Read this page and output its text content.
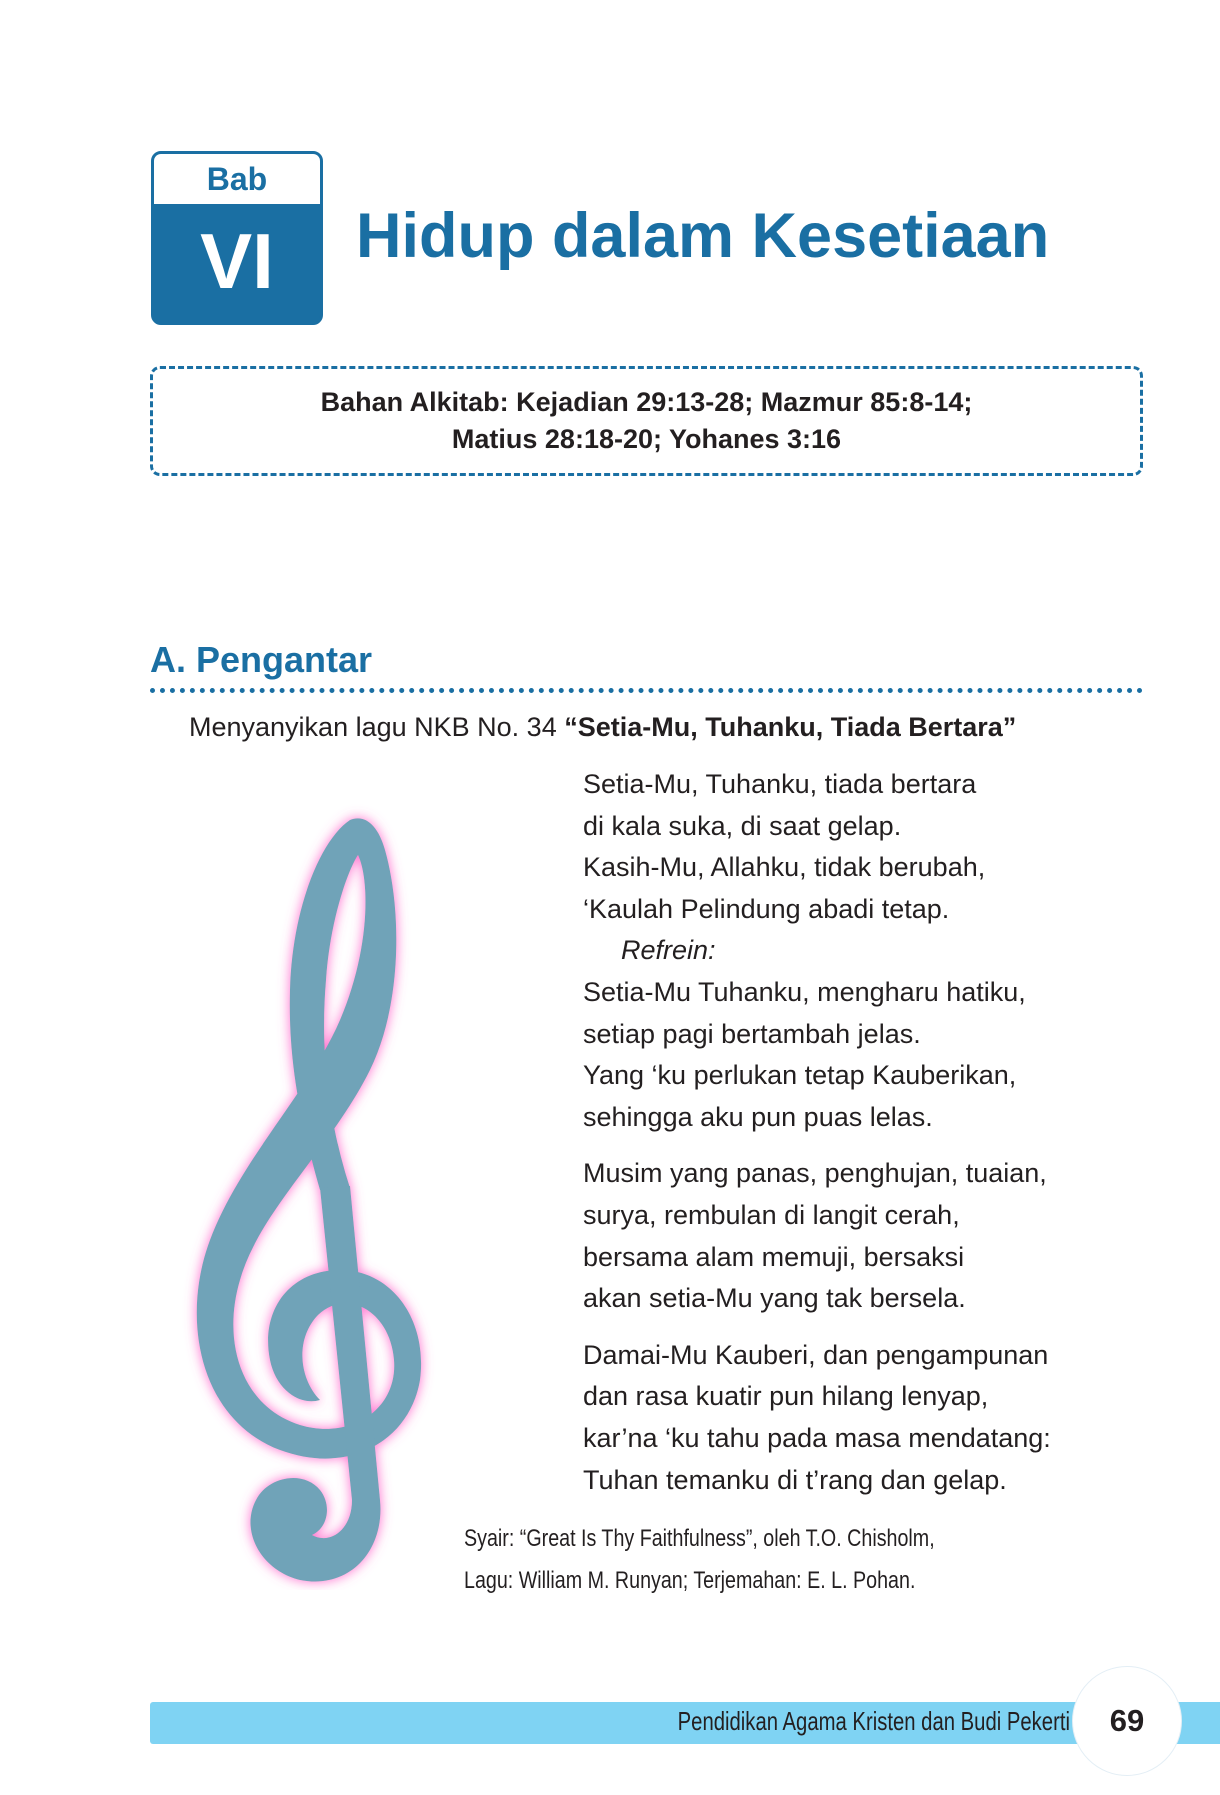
Bab
VI	Hidup dalam Kesetiaan
Bahan Alkitab: Kejadian 29:13-28; Mazmur 85:8-14;
Matius 28:18-20; Yohanes 3:16
A. Pengantar
Menyanyikan lagu NKB No. 34 “Setia-Mu, Tuhanku, Tiada Bertara”
Setia-Mu, Tuhanku, tiada bertara
di kala suka, di saat gelap.
Kasih-Mu, Allahku, tidak berubah,
‘Kaulah Pelindung abadi tetap.
Refrein:
Setia-Mu Tuhanku, mengharu hatiku,
setiap pagi bertambah jelas.
Yang ‘ku perlukan tetap Kauberikan,
sehingga aku pun puas lelas.
Musim yang panas, penghujan, tuaian,
surya, rembulan di langit cerah,
bersama alam memuji, bersaksi
akan setia-Mu yang tak bersela.
Damai-Mu Kauberi, dan pengampunan
dan rasa kuatir pun hilang lenyap,
kar’na ‘ku tahu pada masa mendatang:
Tuhan temanku di t’rang dan gelap.
Syair: “Great Is Thy Faithfulness”, oleh T.O. Chisholm,
Lagu: William M. Runyan; Terjemahan: E. L. Pohan.
Pendidikan Agama Kristen dan Budi Pekerti	69
